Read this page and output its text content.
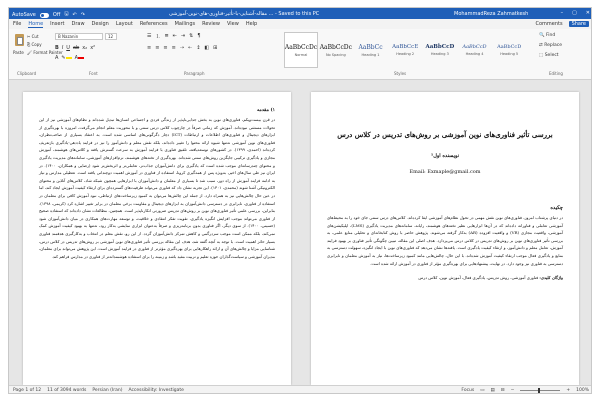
AutoSave	Off 🖫 ↶ ↷	مقاله-آشنایی-با-تأثیر-فناوری-های-نوین-آموزشی ... - Saved to this PC	MohammadReza Zahmatkesh	– ▢ ✕
File Home Insert Draw Design Layout References Mailings Review View Help	Comments	Share
Paste
✂ Cut
⎘ Copy
🖌 Format Painter
Clipboard
B Nazanin	12
B I U ab x₂ x²
A ✎	A
Font
☰ ⒈ ≣ ⇤ ⇥ ⇅ ¶
≡ ≡ ≡ ≡ ⇢ ⇠ ↕ ◧ ⊞
Paragraph
AaBbCcDc
Normal
AaBbCcDc
No Spacing
AaBbCc
Heading 1
AaBbCcE
Heading 2
AaBbCcD
Heading 3
AaBbCcD
Heading 4
AaBbCcD
Heading 5
Styles
🔍 Find
⇄ Replace
⬚ Select
Editing
۱) مقدمه
در قرن بیست‌ویکم، فناوری‌های نوین به بخش جدایی‌ناپذیر از زندگی فردی و اجتماعی انسان‌ها تبدیل شده‌اند و نظام‌های آموزشی نیز از این تحولات مستثنی نبوده‌اند. آموزش که زمانی صرفاً در چارچوب کلاس درس سنتی و با محوریت معلم انجام می‌گرفت، امروزه با بهره‌گیری از ابزارهای دیجیتال و فناوری‌های اطلاعات و ارتباطات (ICT) دچار دگرگونی‌های اساسی شده است. به اعتقاد بسیاری از صاحب‌نظران، فناوری‌های نوین آموزشی نه‌تنها شیوه ارائه محتوا را تغییر داده‌اند، بلکه نقش معلم و دانش‌آموز را نیز در فرایند یاددهی-یادگیری بازتعریف کرده‌اند (احمدی، ۱۳۹۹). در کشورهای توسعه‌یافته، تلفیق فناوری با فرایند آموزش به سرعت گسترش یافته و کلاس‌های هوشمند، آموزش مجازی و یادگیری ترکیبی جایگزین روش‌های سنتی شده‌اند. بهره‌گیری از تخته‌های هوشمند، نرم‌افزارهای آموزشی، سامانه‌های مدیریت یادگیری و محتوای چندرسانه‌ای موجب شده است که یادگیری برای دانش‌آموزان جذاب‌تر، تعاملی‌تر و اثربخش‌تر شود (رضایی و همکاران، ۱۴۰۰). در ایران نیز طی سال‌های اخیر، به‌ویژه پس از همه‌گیری کرونا، استفاده از فناوری در آموزش اهمیت دوچندانی یافته است. تعطیلی مدارس و نیاز به ادامه فرایند آموزش از راه دور، سبب شد تا بسیاری از معلمان و دانش‌آموزان با ابزارهایی همچون شبکه شاد، کلاس‌های آنلاین و محتوای الکترونیکی آشنا شوند (محمدی، ۱۴۰۱). این تجربه نشان داد که فناوری می‌تواند ظرفیت‌های گسترده‌ای برای ارتقاء کیفیت آموزش ایجاد کند، اما در عین حال چالش‌هایی نیز به همراه دارد. از جمله این چالش‌ها می‌توان به کمبود زیرساخت‌های ارتباطی، نبود آموزش کافی برای معلمان در استفاده از فناوری، نابرابری در دسترسی دانش‌آموزان به ابزارهای دیجیتال و مقاومت برخی معلمان در برابر تغییر اشاره کرد (کریمی، ۱۳۹۸). بنابراین، بررسی علمی تأثیر فناوری‌های نوین بر روش‌های تدریس ضرورتی انکارناپذیر است. همچنین، مطالعات نشان داده‌اند که استفاده صحیح از فناوری می‌تواند موجب افزایش انگیزه یادگیری، تقویت تفکر انتقادی و خلاقیت، و توسعه مهارت‌های همکاری در میان دانش‌آموزان شود (حسینی، ۱۴۰۰). از سوی دیگر، اگر فناوری بدون برنامه‌ریزی و صرفاً به‌عنوان ابزاری نمایشی به‌کار رود، نه‌تنها به بهبود کیفیت آموزش کمک نمی‌کند، بلکه ممکن است موجب سردرگمی و کاهش تمرکز دانش‌آموزان گردد. از این رو، نقش معلم در انتخاب و به‌کارگیری هدفمند فناوری بسیار حائز اهمیت است. با توجه به آنچه گفته شد، هدف این مقاله بررسی تأثیر فناوری‌های نوین آموزشی بر روش‌های تدریس در کلاس درس، شناسایی مزایا و چالش‌های آن و ارائه راهکارهایی برای بهره‌گیری مؤثرتر از فناوری در فرایند آموزش است. این پژوهش می‌تواند برای معلمان، مدیران آموزشی و سیاست‌گذاران حوزه تعلیم و تربیت مفید باشد و زمینه را برای استفاده هوشمندانه‌تر از فناوری در مدارس فراهم کند.
بررسی تأثیر فناوری‌های نوین آموزشی بر روش‌های تدریس در کلاس درس
نویسنده اول¹
Email: Exmaple@gmail.com
چکیده
در دنیای پرشتاب امروز، فناوری‌های نوین نقش مهمی در تحول نظام‌های آموزشی ایفا کرده‌اند. کلاس‌های درس سنتی جای خود را به محیط‌های آموزشی تعاملی و فناورانه داده‌اند که در آن‌ها ابزارهایی نظیر تخته‌های هوشمند، رایانه، سامانه‌های مدیریت یادگیری (LMS)، اپلیکیشن‌های آموزشی، واقعیت مجازی (VR) و واقعیت افزوده (AR) به‌کار گرفته می‌شوند. پژوهش حاضر با روش کتابخانه‌ای و تحلیلی منابع علمی، به بررسی تأثیر فناوری‌های نوین بر روش‌های تدریس در کلاس درس می‌پردازد. هدف اصلی این مقاله، تبیین چگونگی تأثیر فناوری بر بهبود فرایند آموزش، تعامل معلم و دانش‌آموز، و ارتقاء کیفیت یادگیری است. یافته‌ها نشان می‌دهد که فناوری‌های نوین با ایجاد انگیزه، سهولت دسترسی به منابع و یادگیری فعال موجب ارتقاء کیفیت آموزش شده‌اند. با این حال، چالش‌هایی مانند کمبود زیرساخت‌ها، نیاز به آموزش معلمان و نابرابری دسترسی به فناوری نیز وجود دارد. در نهایت، پیشنهادهایی برای بهره‌گیری مؤثر از فناوری در آموزش ارائه شده است.
واژگان کلیدی: فناوری آموزشی، روش تدریس، یادگیری فعال، آموزش نوین، کلاس درس
Page 1 of 12 11 of 3094 words Persian (Iran) Accessibility: Investigate	Focus ▭ ▤ ⊟ −	+ 100%
